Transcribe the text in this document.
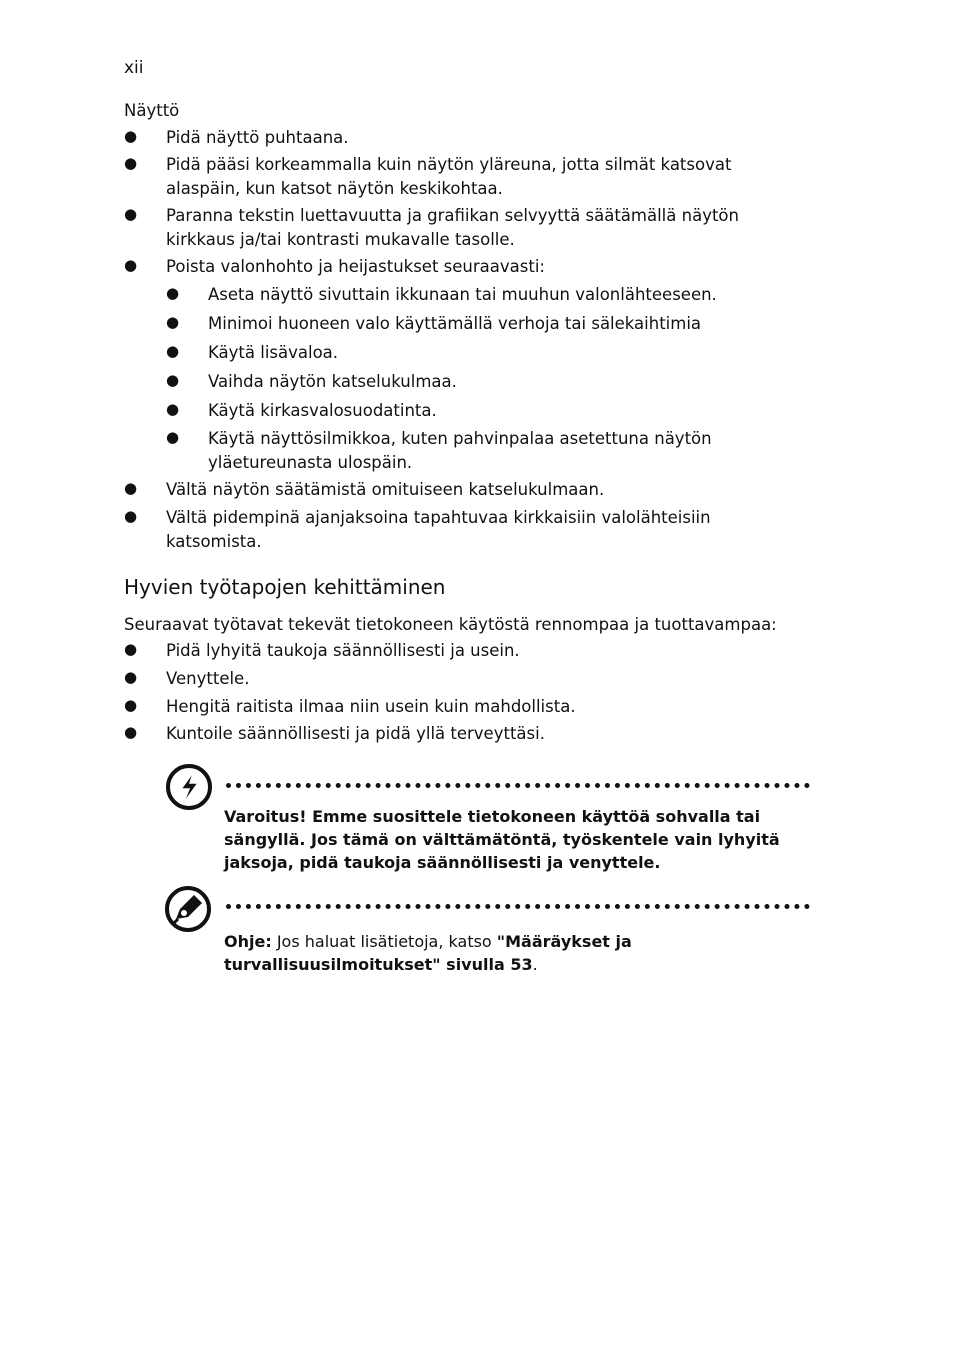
xii
Näyttö
● Pidä näyttö puhtaana.
● Pidä pääsi korkeammalla kuin näytön yläreuna, jotta silmät katsovat
alaspäin, kun katsot näytön keskikohtaa.
● Paranna tekstin luettavuutta ja grafiikan selvyyttä säätämällä näytön
kirkkaus ja/tai kontrasti mukavalle tasolle.
● Poista valonhohto ja heijastukset seuraavasti:
● Aseta näyttö sivuttain ikkunaan tai muuhun valonlähteeseen.
● Minimoi huoneen valo käyttämällä verhoja tai sälekaihtimia
● Käytä lisävaloa.
● Vaihda näytön katselukulmaa.
● Käytä kirkasvalosuodatinta.
● Käytä näyttösilmikkoa, kuten pahvinpalaa asetettuna näytön
yläetureunasta ulospäin.
● Vältä näytön säätämistä omituiseen katselukulmaan.
● Vältä pidempinä ajanjaksoina tapahtuvaa kirkkaisiin valolähteisiin
katsomista.
Hyvien työtapojen kehittäminen
Seuraavat työtavat tekevät tietokoneen käytöstä rennompaa ja tuottavampaa:
● Pidä lyhyitä taukoja säännöllisesti ja usein.
● Venyttele.
● Hengitä raitista ilmaa niin usein kuin mahdollista.
● Kuntoile säännöllisesti ja pidä yllä terveyttäsi.
Varoitus! Emme suosittele tietokoneen käyttöä sohvalla tai
sängyllä. Jos tämä on välttämätöntä, työskentele vain lyhyitä
jaksoja, pidä taukoja säännöllisesti ja venyttele.
Ohje: Jos haluat lisätietoja, katso "Määräykset ja
turvallisuusilmoitukset" sivulla 53.
